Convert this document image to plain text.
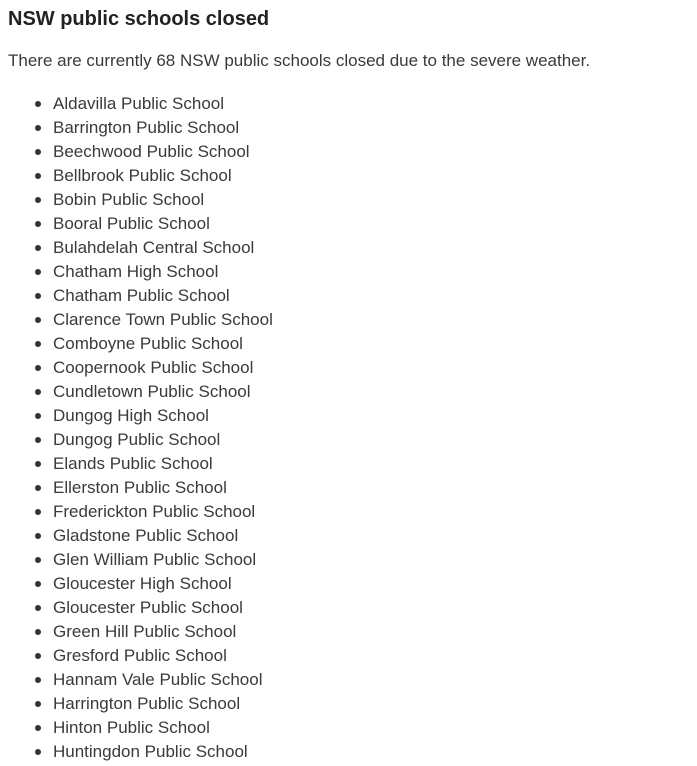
NSW public schools closed

There are currently 68 NSW public schools closed due to the severe weather.

Aldavilla Public School
Barrington Public School
Beechwood Public School
Bellbrook Public School
Bobin Public School
Booral Public School
Bulahdelah Central School
Chatham High School
Chatham Public School
Clarence Town Public School
Comboyne Public School
Coopernook Public School
Cundletown Public School
Dungog High School
Dungog Public School
Elands Public School
Ellerston Public School
Frederickton Public School
Gladstone Public School
Glen William Public School
Gloucester High School
Gloucester Public School
Green Hill Public School
Gresford Public School
Hannam Vale Public School
Harrington Public School
Hinton Public School
Huntingdon Public School
